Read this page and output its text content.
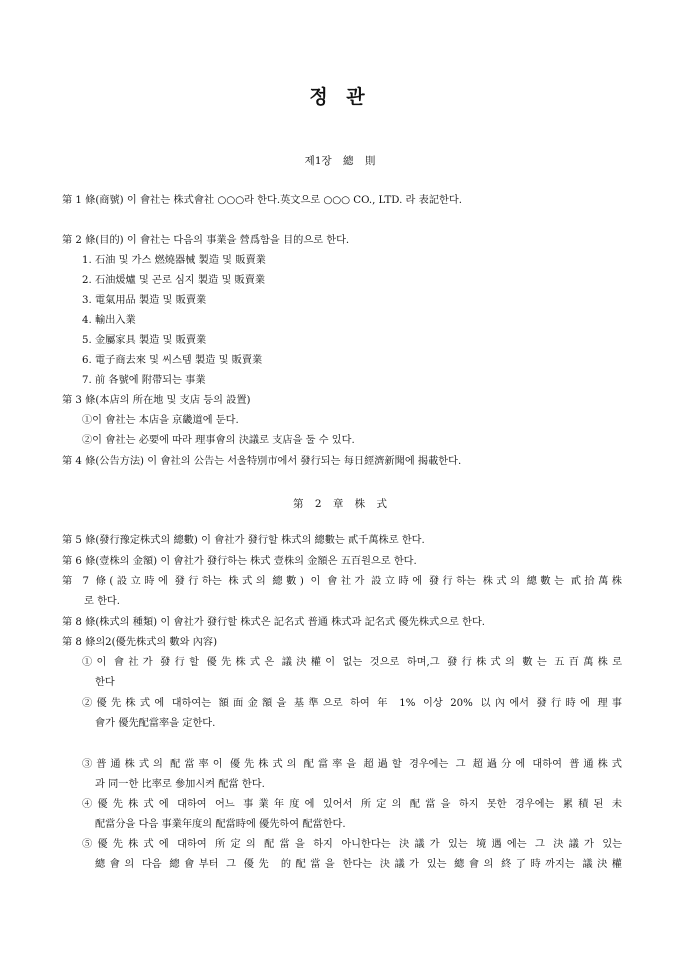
정 관
제1장 總 則
第 1 條(商號) 이 會社는 株式會社 ○○○라 한다.英文으로 ○○○ CO., LTD. 라 表記한다.
第 2 條(目的) 이 會社는 다음의 事業을 營爲함을 目的으로 한다.
1. 石油 및 가스 燃燒器械 製造 및 販賣業
2. 石油煖爐 및 곤로 심지 製造 및 販賣業
3. 電氣用品 製造 및 販賣業
4. 輸出入業
5. 金屬家具 製造 및 販賣業
6. 電子商去來 및 씨스템 製造 및 販賣業
7. 前 各號에 附帶되는 事業
第 3 條(本店의 所在地 및 支店 등의 設置)
①이 會社는 本店을 京畿道에 둔다.
②이 會社는 必要에 따라 理事會의 決議로 支店을 둘 수 있다.
第 4 條(公告方法) 이 會社의 公告는 서울特別市에서 發行되는 每日經濟新聞에 揭載한다.
第 2 章 株 式
第 5 條(發行豫定株式의 總數) 이 會社가 發行할 株式의 總數는 貳千萬株로 한다.
第 6 條(壹株의 金額) 이 會社가 發行하는 株式 壹株의 金額은 五百원으로 한다.
第 7 條(設立時에 發行하는 株式의 總數) 이 會社가 設立時에 發行하는 株式의 總數는 貳拾萬株
로 한다.
第 8 條(株式의 種類) 이 會社가 發行할 株式은 記名式 普通 株式과 記名式 優先株式으로 한다.
第 8 條의2(優先株式의 數와 內容)
①이 會社가 發行할 優先株式은 議決權이 없는 것으로 하며,그 發行株式의 數는 五百萬株로
한다
②優先株式에 대하여는 額面金額을 基準으로 하여 年 1% 이상 20% 以內에서 發行時에 理事
會가 優先配當率을 定한다.
③普通株式의 配當率이 優先株式의 配當率을 超過할 경우에는 그 超過分에 대하여 普通株式
과 同一한 比率로 參加시켜 配當 한다.
④優先株式에 대하여 어느 事業年度에 있어서 所定의 配當을 하지 못한 경우에는 累積된 未
配當分을 다음 事業年度의 配當時에 優先하여 配當한다.
⑤優先株式에 대하여 所定의 配當을 하지 아니한다는 決議가 있는 境遇에는 그 決議가 있는
總會의 다음 總會부터 그 優先 的配當을 한다는 決議가 있는 總會의 終了時까지는 議決權
